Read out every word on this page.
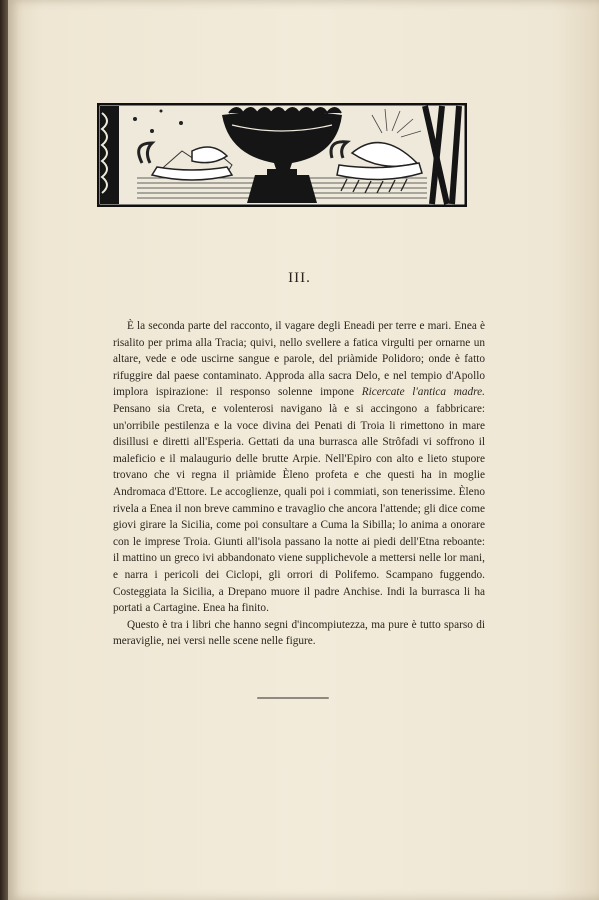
III.

È la seconda parte del racconto, il vagare degli Eneadi per terre e mari. Enea è risalito per prima alla Tracia; quivi, nello svellere a fatica virgulti per ornarne un altare, vede e ode uscirne sangue e parole, del priàmide Polidoro; onde è fatto rifuggire dal paese contaminato. Approda alla sacra Delo, e nel tempio d'Apollo implora ispirazione: il responso solenne impone Ricercate l'antica madre. Pensano sia Creta, e volenterosi navigano là e si accingono a fabbricare: un'orribile pestilenza e la voce divina dei Penati di Troia li rimettono in mare disillusi e diretti all'Esperia. Gettati da una burrasca alle Strôfadi vi soffrono il maleficio e il malaugurio delle brutte Arpie. Nell'Epiro con alto e lieto stupore trovano che vi regna il priàmide Èleno profeta e che questi ha in moglie Andromaca d'Ettore. Le accoglienze, quali poi i commiati, son tenerissime. Èleno rivela a Enea il non breve cammino e travaglio che ancora l'attende; gli dice come giovi girare la Sicilia, come poi consultare a Cuma la Sibilla; lo anima a onorare con le imprese Troia. Giunti all'isola passano la notte ai piedi dell'Etna reboante: il mattino un greco ivi abbandonato viene supplichevole a mettersi nelle lor mani, e narra i pericoli dei Ciclopi, gli orrori di Polifemo. Scampano fuggendo. Costeggiata la Sicilia, a Drepano muore il padre Anchise. Indi la burrasca li ha portati a Cartagine. Enea ha finito.

Questo è tra i libri che hanno segni d'incompiutezza, ma pure è tutto sparso di meraviglie, nei versi nelle scene nelle figure.
